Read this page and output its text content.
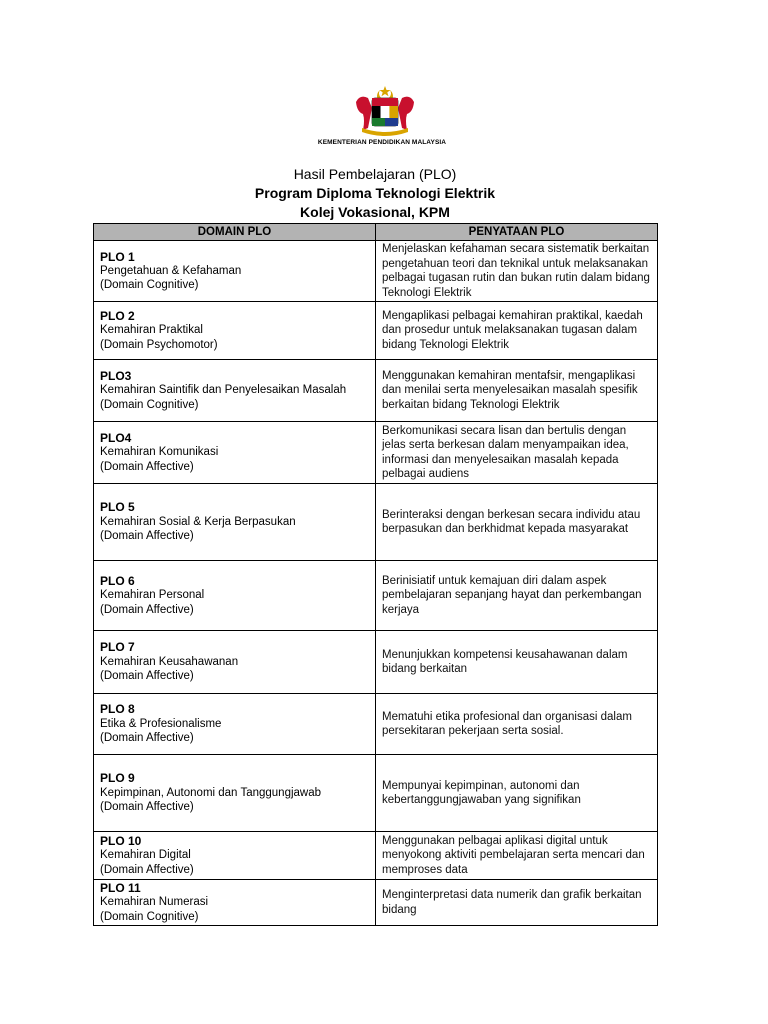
KEMENTERIAN PENDIDIKAN MALAYSIA
Hasil Pembelajaran (PLO)
Program Diploma Teknologi Elektrik
Kolej Vokasional, KPM
DOMAIN PLO	PENYATAAN PLO

PLO 1
Pengetahuan & Kefahaman
(Domain Cognitive)	Menjelaskan kefahaman secara sistematik berkaitan pengetahuan teori dan teknikal untuk melaksanakan pelbagai tugasan rutin dan bukan rutin dalam bidang Teknologi Elektrik

PLO 2
Kemahiran Praktikal
(Domain Psychomotor)	Mengaplikasi pelbagai kemahiran praktikal, kaedah dan prosedur untuk melaksanakan tugasan dalam bidang Teknologi Elektrik

PLO3
Kemahiran Saintifik dan Penyelesaikan Masalah
(Domain Cognitive)	Menggunakan kemahiran mentafsir, mengaplikasi dan menilai serta menyelesaikan masalah spesifik berkaitan bidang Teknologi Elektrik

PLO4
Kemahiran Komunikasi
(Domain Affective)	Berkomunikasi secara lisan dan bertulis dengan jelas serta berkesan dalam menyampaikan idea, informasi dan menyelesaikan masalah kepada pelbagai audiens

PLO 5
Kemahiran Sosial & Kerja Berpasukan
(Domain Affective)	Berinteraksi dengan berkesan secara individu atau berpasukan dan berkhidmat kepada masyarakat

PLO 6
Kemahiran Personal
(Domain Affective)	Berinisiatif untuk kemajuan diri dalam aspek pembelajaran sepanjang hayat dan perkembangan kerjaya

PLO 7
Kemahiran Keusahawanan
(Domain Affective)	Menunjukkan kompetensi keusahawanan dalam bidang berkaitan

PLO 8
Etika & Profesionalisme
(Domain Affective)	Mematuhi etika profesional dan organisasi dalam persekitaran pekerjaan serta sosial.

PLO 9
Kepimpinan, Autonomi dan Tanggungjawab
(Domain Affective)	Mempunyai kepimpinan, autonomi dan kebertanggungjawaban yang signifikan

PLO 10
Kemahiran Digital
(Domain Affective)	Menggunakan pelbagai aplikasi digital untuk menyokong aktiviti pembelajaran serta mencari dan memproses data

PLO 11
Kemahiran Numerasi
(Domain Cognitive)	Menginterpretasi data numerik dan grafik berkaitan bidang
